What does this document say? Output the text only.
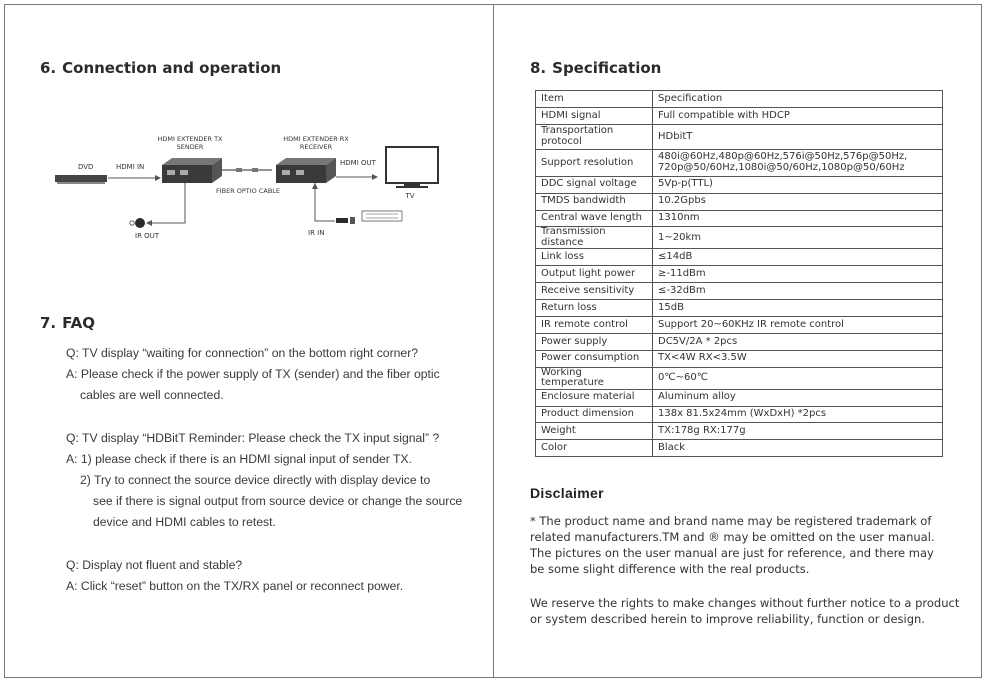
6. Connection and operation
HDMI EXTENDER TX
SENDER
HDMI EXTENDER RX
RECEIVER
DVD	HDMI IN
FIBER OPTIO CABLE
HDMI OUT
TV
IR OUT	IR IN
7. FAQ
Q: TV display “waiting for connection” on the bottom right corner?
A: Please check if the power supply of TX (sender) and the fiber optic
cables are well connected.
Q: TV display “HDBitT Reminder: Please check the TX input signal” ?
A: 1) please check if there is an HDMI signal input of sender TX.
2) Try to connect the source device directly with display device to
see if there is signal output from source device or change the source
device and HDMI cables to retest.
Q: Display not fluent and stable?
A: Click “reset” button on the TX/RX panel or reconnect power.
8. Specification
Item	Specification
HDMI signal	Full compatible with HDCP
Transportation protocol	HDbitT
Support resolution	480i@60Hz,480p@60Hz,576i@50Hz,576p@50Hz, 720p@50/60Hz,1080i@50/60Hz,1080p@50/60Hz
DDC signal voltage	5Vp-p(TTL)
TMDS bandwidth	10.2Gpbs
Central wave length	1310nm
Transmission distance	1~20km
Link loss	≤14dB
Output light power	≥-11dBm
Receive sensitivity	≤-32dBm
Return loss	15dB
IR remote control	Support 20~60KHz IR remote control
Power supply	DC5V/2A * 2pcs
Power consumption	TX<4W RX<3.5W
Working temperature	0℃~60℃
Enclosure material	Aluminum alloy
Product dimension	138x 81.5x24mm (WxDxH) *2pcs
Weight	TX:178g RX:177g
Color	Black
Disclaimer
* The product name and brand name may be registered trademark of
related manufacturers.TM and ® may be omitted on the user manual.
The pictures on the user manual are just for reference, and there may
be some slight difference with the real products.
We reserve the rights to make changes without further notice to a product
or system described herein to improve reliability, function or design.
